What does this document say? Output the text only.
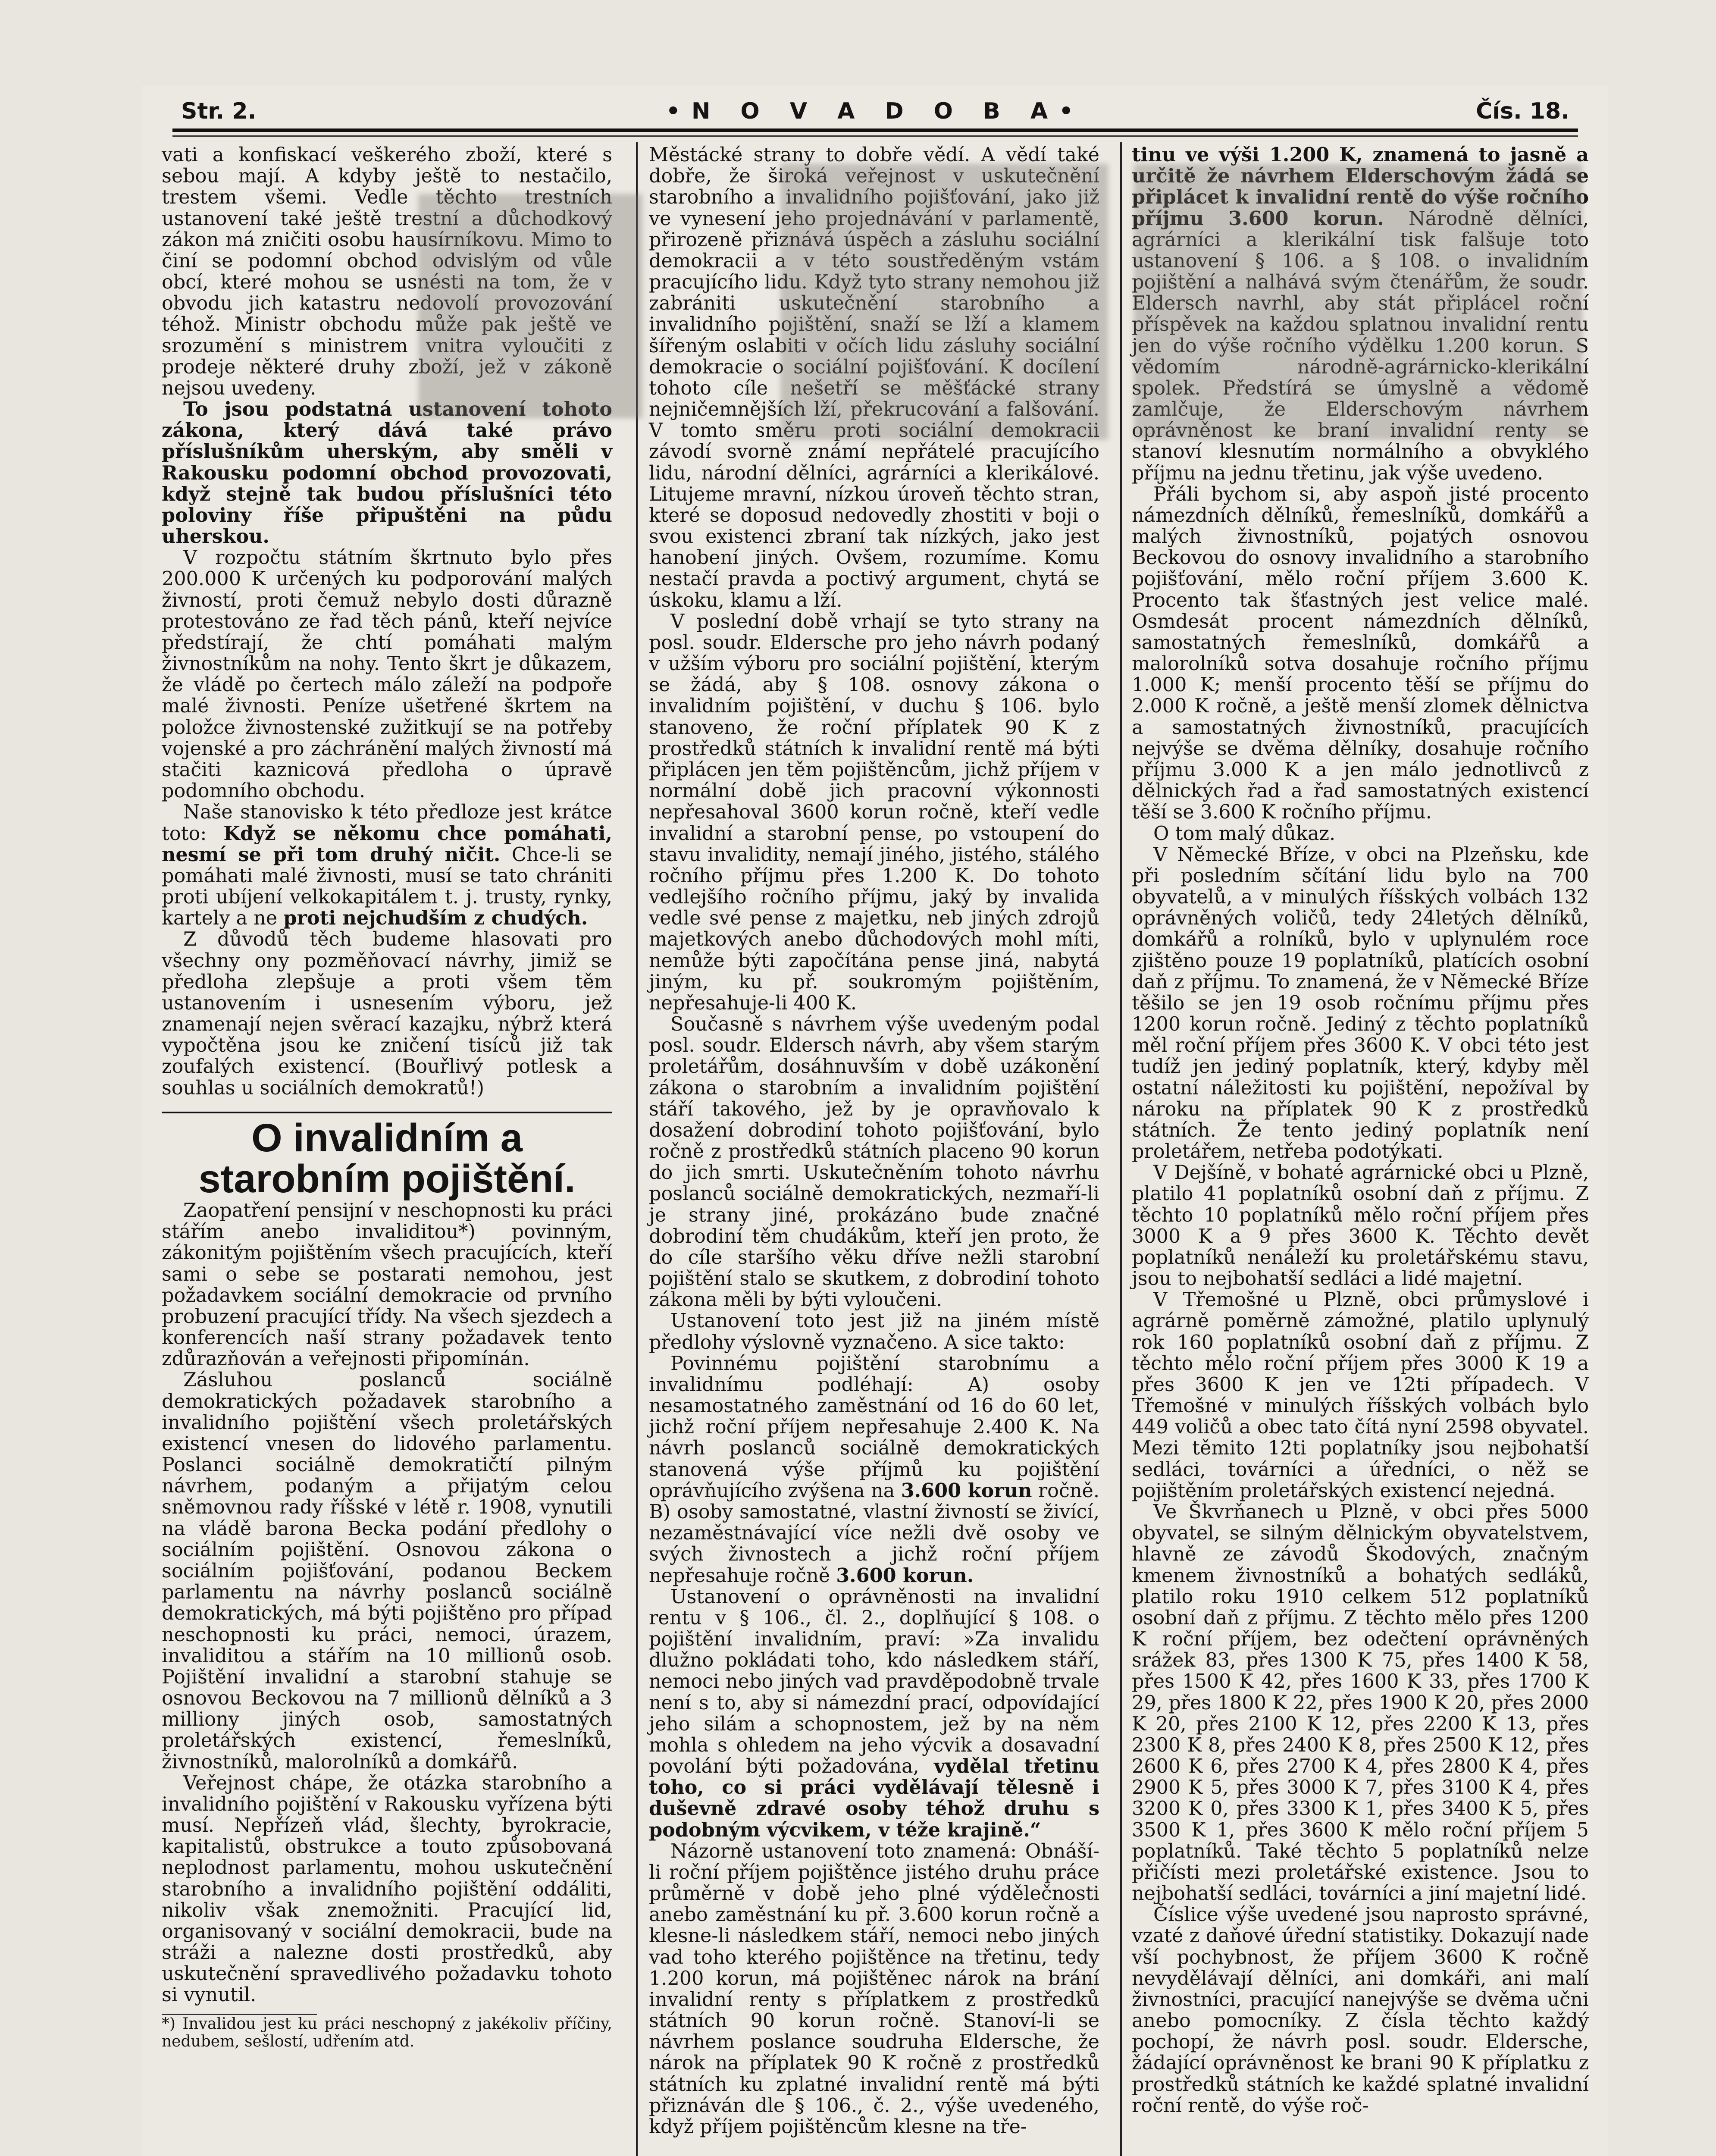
Str. 2.	•N O V A D O B A•	Čís. 18.

vati a konfiskací veškerého zboží, které s sebou mají. A kdyby ještě to nestačilo, trestem všemi. Vedle těchto trestních ustanovení také ještě trestní a důchodkový zákon má zničiti osobu hausírníkovu. Mimo to činí se podomní obchod odvislým od vůle obcí, které mohou se usnésti na tom, že v obvodu jich katastru nedovolí provozování téhož. Ministr obchodu může pak ještě ve srozumění s ministrem vnitra vyloučiti z prodeje některé druhy zboží, jež v zákoně nejsou uvedeny.

To jsou podstatná ustanovení tohoto zákona, který dává také právo příslušníkům uherským, aby směli v Rakousku podomní obchod provozovati, když stejně tak budou příslušníci této poloviny říše připuštěni na půdu uherskou.

V rozpočtu státním škrtnuto bylo přes 200.000 K určených ku podporování malých živností, proti čemuž nebylo dosti důrazně protestováno ze řad těch pánů, kteří nejvíce předstírají, že chtí pomáhati malým živnostníkům na nohy. Tento škrt je důkazem, že vládě po čertech málo záleží na podpoře malé živnosti. Peníze ušetřené škrtem na položce živnostenské zužitkují se na potřeby vojenské a pro záchránění malých živností má stačiti kaznicová předloha o úpravě podomního obchodu.

Naše stanovisko k této předloze jest krátce toto: Když se někomu chce pomáhati, nesmí se při tom druhý ničit. Chce-li se pomáhati malé živnosti, musí se tato chrániti proti ubíjení velkokapitálem t. j. trusty, rynky, kartely a ne proti nejchudším z chudých.

Z důvodů těch budeme hlasovati pro všechny ony pozměňovací návrhy, jimiž se předloha zlepšuje a proti všem těm ustanovením i usnesením výboru, jež znamenají nejen svěrací kazajku, nýbrž která vypočtěna jsou ke zničení tisíců již tak zoufalých existencí. (Bouřlivý potlesk a souhlas u sociálních demokratů!)

O invalidním a starobním pojištění.

Zaopatření pensijní v neschopnosti ku práci stářím anebo invaliditou*) povinným, zákonitým pojištěním všech pracujících, kteří sami o sebe se postarati nemohou, jest požadavkem sociální demokracie od prvního probuzení pracující třídy. Na všech sjezdech a konferencích naší strany požadavek tento zdůrazňován a veřejnosti připomínán.

Zásluhou poslanců sociálně demokratických požadavek starobního a invalidního pojištění všech proletářských existencí vnesen do lidového parlamentu. Poslanci sociálně demokratičtí pilným návrhem, podaným a přijatým celou sněmovnou rady říšské v létě r. 1908, vynutili na vládě barona Becka podání předlohy o sociálním pojištění. Osnovou zákona o sociálním pojišťování, podanou Beckem parlamentu na návrhy poslanců sociálně demokratických, má býti pojištěno pro případ neschopnosti ku práci, nemoci, úrazem, invaliditou a stářím na 10 millionů osob. Pojištění invalidní a starobní stahuje se osnovou Beckovou na 7 millionů dělníků a 3 milliony jiných osob, samostatných proletářských existencí, řemeslníků, živnostníků, malorolníků a domkářů.

Veřejnost chápe, že otázka starobního a invalidního pojištění v Rakousku vyřízena býti musí. Nepřízeň vlád, šlechty, byrokracie, kapitalistů, obstrukce a touto způsobovaná neplodnost parlamentu, mohou uskutečnění starobního a invalidního pojištění oddáliti, nikoliv však znemožniti. Pracující lid, organisovaný v sociální demokracii, bude na stráži a nalezne dosti prostředků, aby uskutečnění spravedlivého požadavku tohoto si vynutil.

*) Invalidou jest ku práci neschopný z jakékoliv příčiny, nedubem, sešlostí, udřením atd.

Městácké strany to dobře vědí. A vědí také dobře, že široká veřejnost v uskutečnění starobního a invalidního pojišťování, jako již ve vynesení jeho projednávání v parlamentě, přirozeně přiznává úspěch a zásluhu sociální demokracii a v této soustředěným vstám pracujícího lidu. Když tyto strany nemohou již zabrániti uskutečnění starobního a invalidního pojištění, snaží se lží a klamem šířeným oslabiti v očích lidu zásluhy sociální demokracie o sociální pojišťování. K docílení tohoto cíle nešetří se měšťácké strany nejničemnějších lží, překrucování a falšování. V tomto směru proti sociální demokracii závodí svorně známí nepřátelé pracujícího lidu, národní dělníci, agrárníci a klerikálové. Litujeme mravní, nízkou úroveň těchto stran, které se doposud nedovedly zhostiti v boji o svou existenci zbraní tak nízkých, jako jest hanobení jiných. Ovšem, rozumíme. Komu nestačí pravda a poctivý argument, chytá se úskoku, klamu a lží.

V poslední době vrhají se tyto strany na posl. soudr. Eldersche pro jeho návrh podaný v užším výboru pro sociální pojištění, kterým se žádá, aby § 108. osnovy zákona o invalidním pojištění, v duchu § 106. bylo stanoveno, že roční příplatek 90 K z prostředků státních k invalidní rentě má býti připlácen jen těm pojištěncům, jichž příjem v normální době jich pracovní výkonnosti nepřesahoval 3600 korun ročně, kteří vedle invalidní a starobní pense, po vstoupení do stavu invalidity, nemají jiného, jistého, stálého ročního příjmu přes 1.200 K. Do tohoto vedlejšího ročního příjmu, jaký by invalida vedle své pense z majetku, neb jiných zdrojů majetkových anebo důchodových mohl míti, nemůže býti započítána pense jiná, nabytá jiným, ku př. soukromým pojištěním, nepřesahuje-li 400 K.

Současně s návrhem výše uvedeným podal posl. soudr. Eldersch návrh, aby všem starým proletářům, dosáhnuvším v době uzákonění zákona o starobním a invalidním pojištění stáří takového, jež by je opravňovalo k dosažení dobrodiní tohoto pojišťování, bylo ročně z prostředků státních placeno 90 korun do jich smrti. Uskutečněním tohoto návrhu poslanců sociálně demokratických, nezmaří-li je strany jiné, prokázáno bude značné dobrodiní těm chudákům, kteří jen proto, že do cíle staršího věku dříve nežli starobní pojištění stalo se skutkem, z dobrodiní tohoto zákona měli by býti vyloučeni.

Ustanovení toto jest již na jiném místě předlohy výslovně vyznačeno. A sice takto:

Povinnému pojištění starobnímu a invalidnímu podléhají: A) osoby nesamostatného zaměstnání od 16 do 60 let, jichž roční příjem nepřesahuje 2.400 K. Na návrh poslanců sociálně demokratických stanovená výše příjmů ku pojištění oprávňujícího zvýšena na 3.600 korun ročně. B) osoby samostatné, vlastní živností se živící, nezaměstnávající více nežli dvě osoby ve svých živnostech a jichž roční příjem nepřesahuje ročně 3.600 korun.

Ustanovení o oprávněnosti na invalidní rentu v § 106., čl. 2., doplňující § 108. o pojištění invalidním, praví: »Za invalidu dlužno pokládati toho, kdo následkem stáří, nemoci nebo jiných vad pravděpodobně trvale není s to, aby si námezdní prací, odpovídající jeho silám a schopnostem, jež by na něm mohla s ohledem na jeho výcvik a dosavadní povolání býti požadována, vydělal třetinu toho, co si práci vydělávají tělesně i duševně zdravé osoby téhož druhu s podobným výcvikem, v téže krajině.“

Názorně ustanovení toto znamená: Obnáší-li roční příjem pojištěnce jistého druhu práce průměrně v době jeho plné výdělečnosti anebo zaměstnání ku př. 3.600 korun ročně a klesne-li následkem stáří, nemoci nebo jiných vad toho kterého pojištěnce na třetinu, tedy 1.200 korun, má pojištěnec nárok na brání invalidní renty s příplatkem z prostředků státních 90 korun ročně. Stanoví-li se návrhem poslance soudruha Eldersche, že nárok na příplatek 90 K ročně z prostředků státních ku zplatné invalidní rentě má býti přiznáván dle § 106., č. 2., výše uvedeného, když příjem pojištěncům klesne na tře-

tinu ve výši 1.200 K, znamená to jasně a určitě že návrhem Elderschovým žádá se připlácet k invalidní rentě do výše ročního příjmu 3.600 korun. Národně dělníci, agrárníci a klerikální tisk falšuje toto ustanovení § 106. a § 108. o invalidním pojištění a nalhává svým čtenářům, že soudr. Eldersch navrhl, aby stát připlácel roční příspěvek na každou splatnou invalidní rentu jen do výše ročního výdělku 1.200 korun. S vědomím národně-agrárnicko-klerikální spolek. Předstírá se úmyslně a vědomě zamlčuje, že Elderschovým návrhem oprávněnost ke braní invalidní renty se stanoví klesnutím normálního a obvyklého příjmu na jednu třetinu, jak výše uvedeno.

Přáli bychom si, aby aspoň jisté procento námezdních dělníků, řemeslníků, domkářů a malých živnostníků, pojatých osnovou Beckovou do osnovy invalidního a starobního pojišťování, mělo roční příjem 3.600 K. Procento tak šťastných jest velice malé. Osmdesát procent námezdních dělníků, samostatných řemeslníků, domkářů a malorolníků sotva dosahuje ročního příjmu 1.000 K; menší procento těší se příjmu do 2.000 K ročně, a ještě menší zlomek dělnictva a samostatných živnostníků, pracujících nejvýše se dvěma dělníky, dosahuje ročního příjmu 3.000 K a jen málo jednotlivců z dělnických řad a řad samostatných existencí těší se 3.600 K ročního příjmu.

O tom malý důkaz.

V Německé Bříze, v obci na Plzeňsku, kde při posledním sčítání lidu bylo na 700 obyvatelů, a v minulých říšských volbách 132 oprávněných voličů, tedy 24letých dělníků, domkářů a rolníků, bylo v uplynulém roce zjištěno pouze 19 poplatníků, platících osobní daň z příjmu. To znamená, že v Německé Bříze těšilo se jen 19 osob ročnímu příjmu přes 1200 korun ročně. Jediný z těchto poplatníků měl roční příjem přes 3600 K. V obci této jest tudíž jen jediný poplatník, který, kdyby měl ostatní náležitosti ku pojištění, nepožíval by nároku na příplatek 90 K z prostředků státních. Že tento jediný poplatník není proletářem, netřeba podotýkati.

V Dejšíně, v bohaté agrárnické obci u Plzně, platilo 41 poplatníků osobní daň z příjmu. Z těchto 10 poplatníků mělo roční příjem přes 3000 K a 9 přes 3600 K. Těchto devět poplatníků nenáleží ku proletářskému stavu, jsou to nejbohatší sedláci a lidé majetní.

V Třemošné u Plzně, obci průmyslové i agrárně poměrně zámožné, platilo uplynulý rok 160 poplatníků osobní daň z příjmu. Z těchto mělo roční příjem přes 3000 K 19 a přes 3600 K jen ve 12ti případech. V Třemošné v minulých říšských volbách bylo 449 voličů a obec tato čítá nyní 2598 obyvatel. Mezi těmito 12ti poplatníky jsou nejbohatší sedláci, továrníci a úředníci, o něž se pojištěním proletářských existencí nejedná.

Ve Škvrňanech u Plzně, v obci přes 5000 obyvatel, se silným dělnickým obyvatelstvem, hlavně ze závodů Škodových, značným kmenem živnostníků a bohatých sedláků, platilo roku 1910 celkem 512 poplatníků osobní daň z příjmu. Z těchto mělo přes 1200 K roční příjem, bez odečtení oprávněných srážek 83, přes 1300 K 75, přes 1400 K 58, přes 1500 K 42, přes 1600 K 33, přes 1700 K 29, přes 1800 K 22, přes 1900 K 20, přes 2000 K 20, přes 2100 K 12, přes 2200 K 13, přes 2300 K 8, přes 2400 K 8, přes 2500 K 12, přes 2600 K 6, přes 2700 K 4, přes 2800 K 4, přes 2900 K 5, přes 3000 K 7, přes 3100 K 4, přes 3200 K 0, přes 3300 K 1, přes 3400 K 5, přes 3500 K 1, přes 3600 K mělo roční příjem 5 poplatníků. Také těchto 5 poplatníků nelze přičísti mezi proletářské existence. Jsou to nejbohatší sedláci, továrníci a jiní majetní lidé.

Číslice výše uvedené jsou naprosto správné, vzaté z daňové úřední statistiky. Dokazují nade vší pochybnost, že příjem 3600 K ročně nevydělávají dělníci, ani domkáři, ani malí živnostníci, pracující nanejvýše se dvěma učni anebo pomocníky. Z čísla těchto každý pochopí, že návrh posl. soudr. Eldersche, žádající oprávněnost ke brani 90 K příplatku z prostředků státních ke každé splatné invalidní roční rentě, do výše roč-
